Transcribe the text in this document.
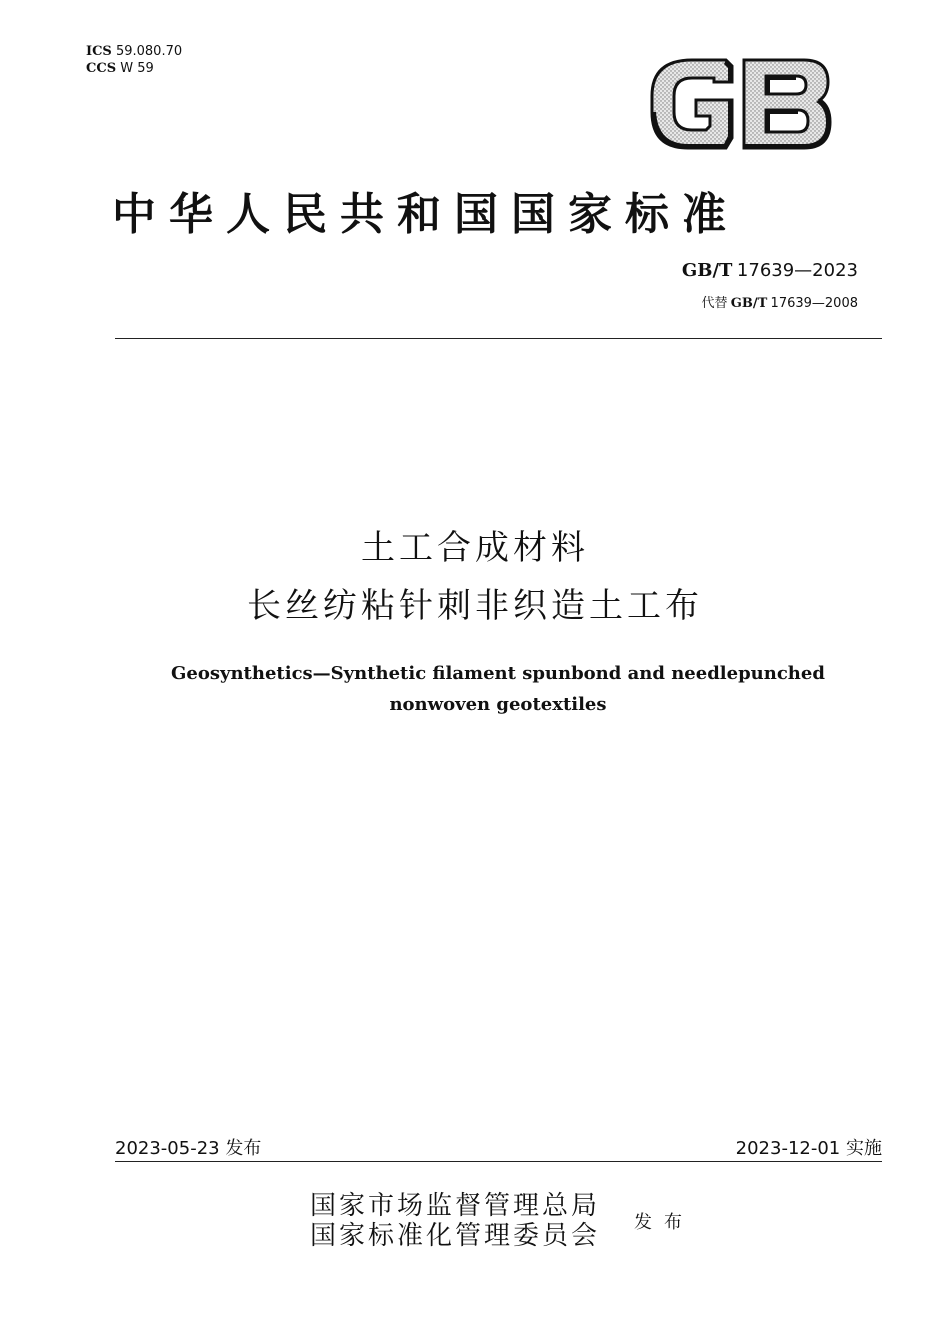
ICS 59.080.70
CCS W 59
中华人民共和国国家标准
GB/T 17639—2023
代替 GB/T 17639—2008
土工合成材料
长丝纺粘针刺非织造土工布
Geosynthetics—Synthetic filament spunbond and needlepunched
nonwoven geotextiles
2023-05-23 发布	2023-12-01 实施
国家市场监督管理总局
国家标准化管理委员会 发布
